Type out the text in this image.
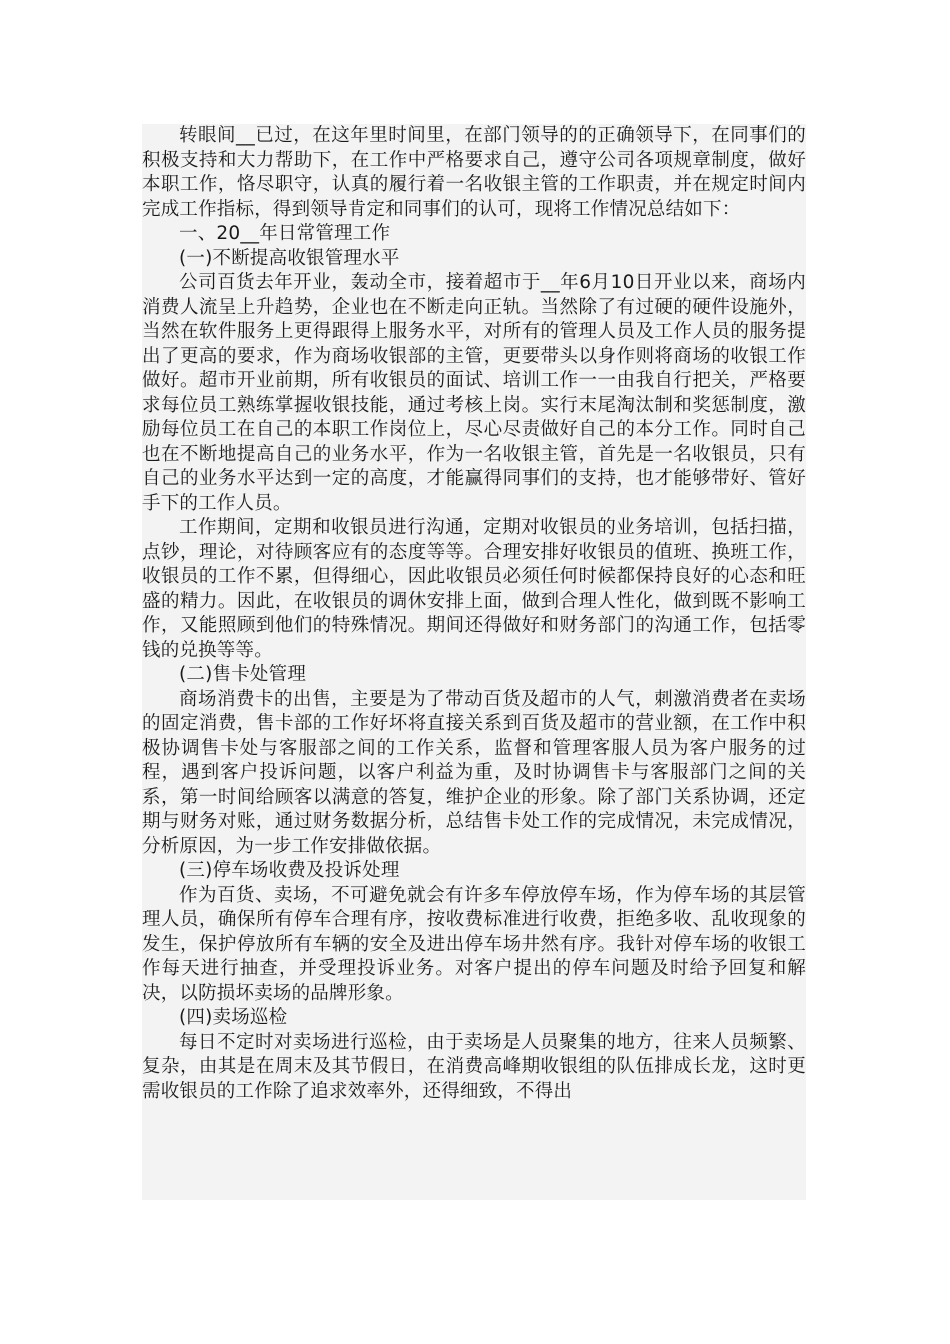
转眼间__已过，在这年里时间里，在部门领导的的正确领导下，在同事们的积极支持和大力帮助下，在工作中严格要求自己，遵守公司各项规章制度，做好本职工作，恪尽职守，认真的履行着一名收银主管的工作职责，并在规定时间内完成工作指标，得到领导肯定和同事们的认可，现将工作情况总结如下：

一、20__年日常管理工作

(一)不断提高收银管理水平

公司百货去年开业，轰动全市，接着超市于__年6月10日开业以来，商场内消费人流呈上升趋势，企业也在不断走向正轨。当然除了有过硬的硬件设施外，当然在软件服务上更得跟得上服务水平，对所有的管理人员及工作人员的服务提出了更高的要求，作为商场收银部的主管，更要带头以身作则将商场的收银工作做好。超市开业前期，所有收银员的面试、培训工作一一由我自行把关，严格要求每位员工熟练掌握收银技能，通过考核上岗。实行末尾淘汰制和奖惩制度，激励每位员工在自己的本职工作岗位上，尽心尽责做好自己的本分工作。同时自己也在不断地提高自己的业务水平，作为一名收银主管，首先是一名收银员，只有自己的业务水平达到一定的高度，才能赢得同事们的支持，也才能够带好、管好手下的工作人员。

工作期间，定期和收银员进行沟通，定期对收银员的业务培训，包括扫描，点钞，理论，对待顾客应有的态度等等。合理安排好收银员的值班、换班工作，收银员的工作不累，但得细心，因此收银员必须任何时候都保持良好的心态和旺盛的精力。因此，在收银员的调休安排上面，做到合理人性化，做到既不影响工作，又能照顾到他们的特殊情况。期间还得做好和财务部门的沟通工作，包括零钱的兑换等等。

(二)售卡处管理

商场消费卡的出售，主要是为了带动百货及超市的人气，刺激消费者在卖场的固定消费，售卡部的工作好坏将直接关系到百货及超市的营业额，在工作中积极协调售卡处与客服部之间的工作关系，监督和管理客服人员为客户服务的过程，遇到客户投诉问题，以客户利益为重，及时协调售卡与客服部门之间的关系，第一时间给顾客以满意的答复，维护企业的形象。除了部门关系协调，还定期与财务对账，通过财务数据分析，总结售卡处工作的完成情况，未完成情况，分析原因，为一步工作安排做依据。

(三)停车场收费及投诉处理

作为百货、卖场，不可避免就会有许多车停放停车场，作为停车场的其层管理人员，确保所有停车合理有序，按收费标准进行收费，拒绝多收、乱收现象的发生，保护停放所有车辆的安全及进出停车场井然有序。我针对停车场的收银工作每天进行抽查，并受理投诉业务。对客户提出的停车问题及时给予回复和解决，以防损坏卖场的品牌形象。

(四)卖场巡检

每日不定时对卖场进行巡检，由于卖场是人员聚集的地方，往来人员频繁、复杂，由其是在周末及其节假日，在消费高峰期收银组的队伍排成长龙，这时更需收银员的工作除了追求效率外，还得细致，不得出
